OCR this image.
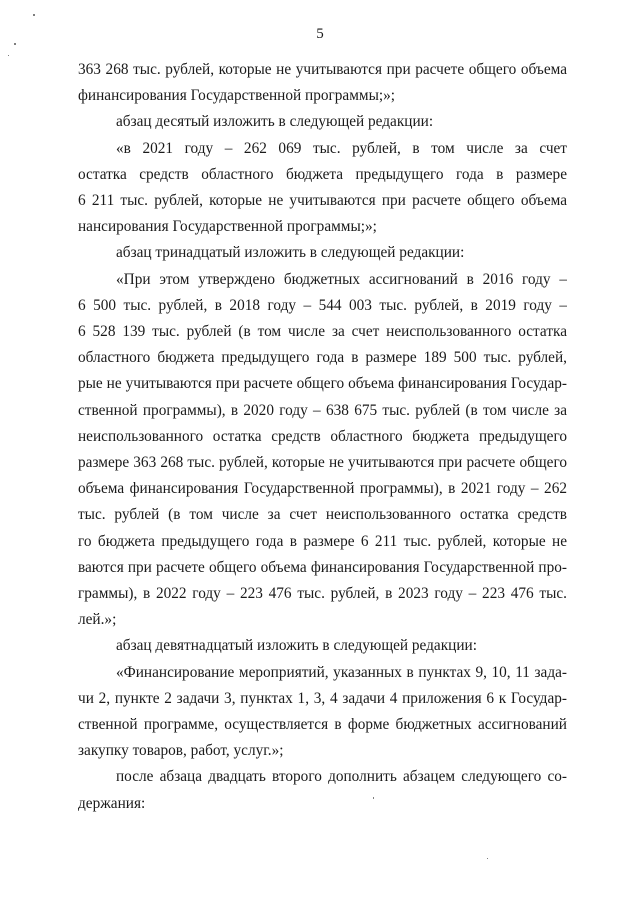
5
363 268 тыс. рублей, которые не учитываются при расчете общего объема
финансирования Государственной программы;»;
абзац десятый изложить в следующей редакции:
«в 2021 году – 262 069 тыс. рублей, в том числе за счет
остатка средств областного бюджета предыдущего года в размере
6 211 тыс. рублей, которые не учитываются при расчете общего объема
нансирования Государственной программы;»;
абзац тринадцатый изложить в следующей редакции:
«При этом утверждено бюджетных ассигнований в 2016 году –
6 500 тыс. рублей, в 2018 году – 544 003 тыс. рублей, в 2019 году –
6 528 139 тыс. рублей (в том числе за счет неиспользованного остатка
областного бюджета предыдущего года в размере 189 500 тыс. рублей,
рые не учитываются при расчете общего объема финансирования Государ-
ственной программы), в 2020 году – 638 675 тыс. рублей (в том числе за
неиспользованного остатка средств областного бюджета предыдущего
размере 363 268 тыс. рублей, которые не учитываются при расчете общего
объема финансирования Государственной программы), в 2021 году – 262
тыс. рублей (в том числе за счет неиспользованного остатка средств
го бюджета предыдущего года в размере 6 211 тыс. рублей, которые не
ваются при расчете общего объема финансирования Государственной про-
граммы), в 2022 году – 223 476 тыс. рублей, в 2023 году – 223 476 тыс.
лей.»;
абзац девятнадцатый изложить в следующей редакции:
«Финансирование мероприятий, указанных в пунктах 9, 10, 11 зада-
чи 2, пункте 2 задачи 3, пунктах 1, 3, 4 задачи 4 приложения 6 к Государ-
ственной программе, осуществляется в форме бюджетных ассигнований
закупку товаров, работ, услуг.»;
после абзаца двадцать второго дополнить абзацем следующего со-
держания:
